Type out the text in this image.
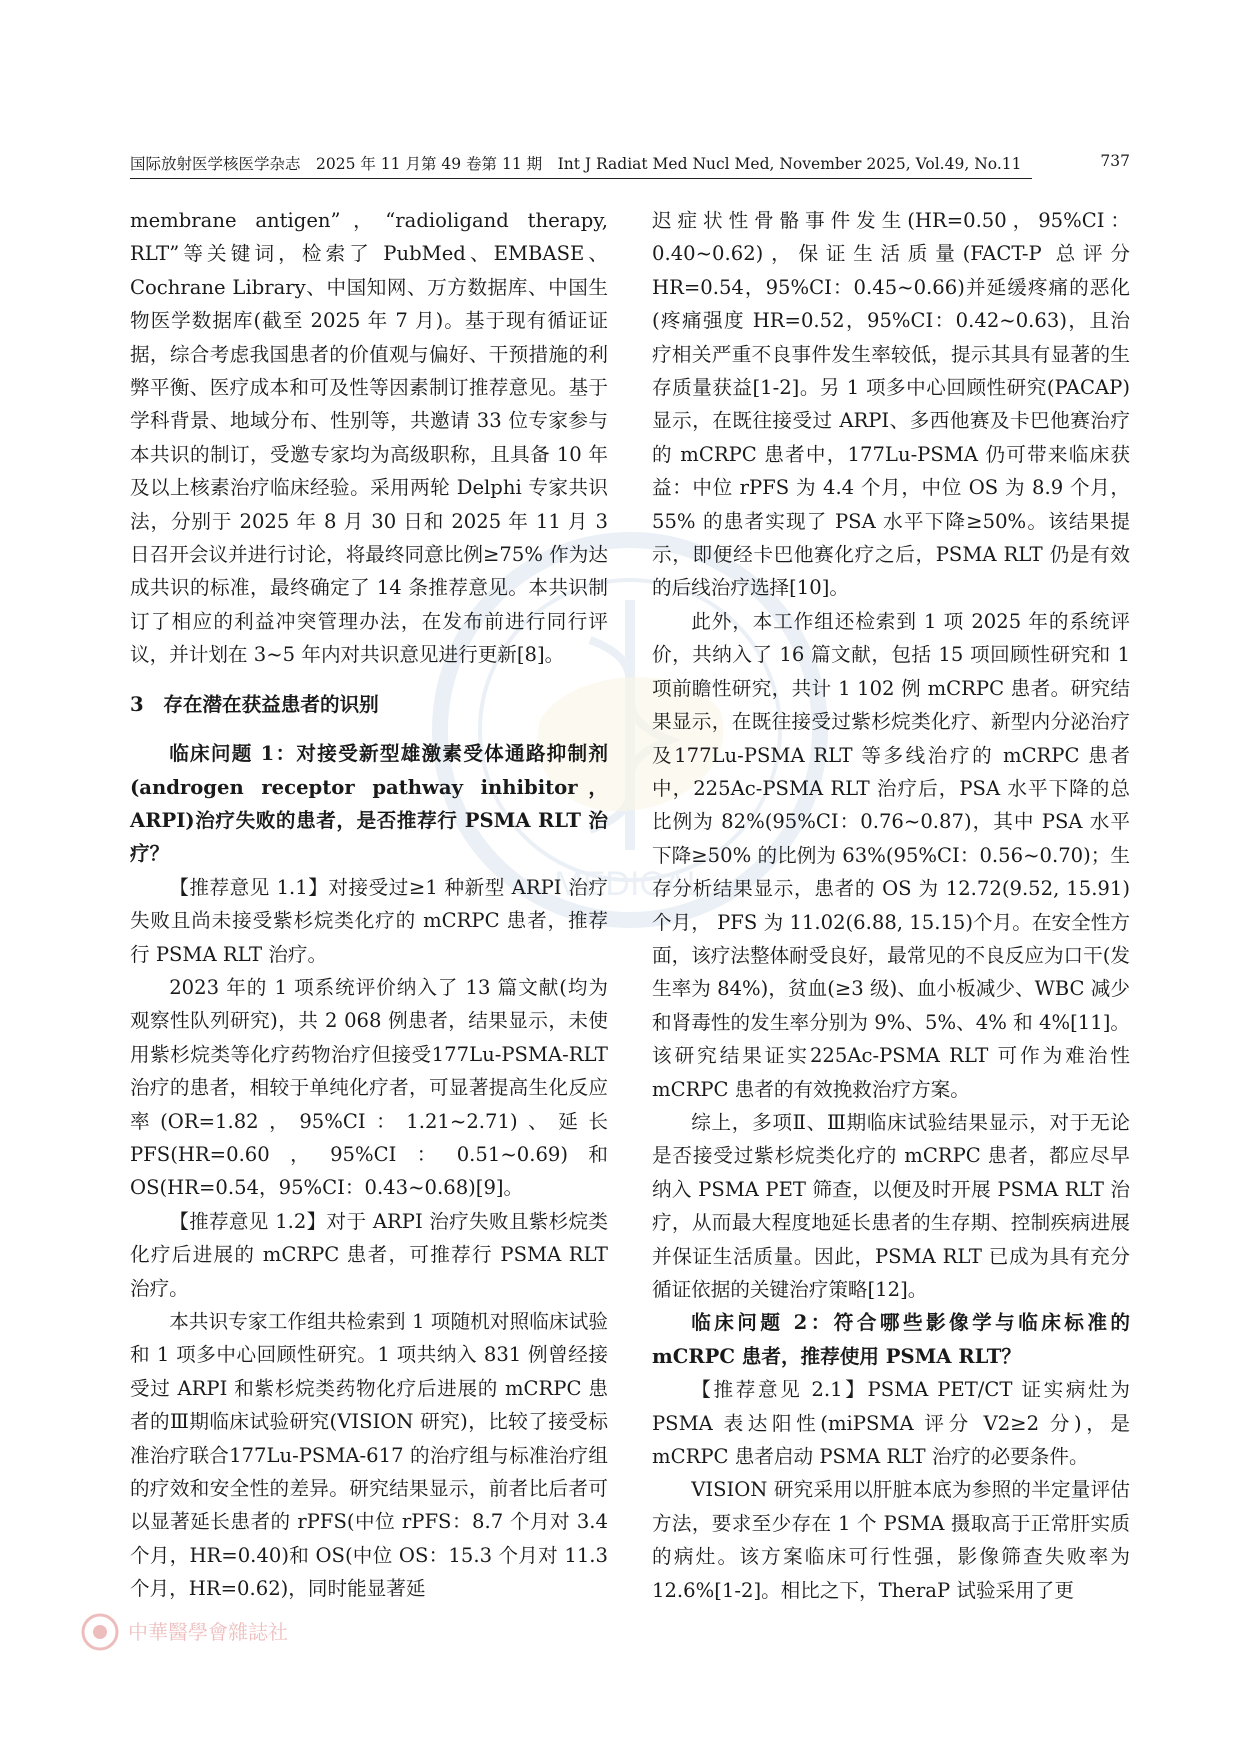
国际放射医学核医学杂志　2025 年 11 月第 49 卷第 11 期　Int J Radiat Med Nucl Med, November 2025, Vol.49, No.11	737
MEDICAL

membrane antigen”，“radioligand therapy, RLT”等关键词，检索了 PubMed、EMBASE、Cochrane Library、中国知网、万方数据库、中国生物医学数据库(截至 2025 年 7 月)。基于现有循证证据，综合考虑我国患者的价值观与偏好、干预措施的利弊平衡、医疗成本和可及性等因素制订推荐意见。基于学科背景、地域分布、性别等，共邀请 33 位专家参与本共识的制订，受邀专家均为高级职称，且具备 10 年及以上核素治疗临床经验。采用两轮 Delphi 专家共识法，分别于 2025 年 8 月 30 日和 2025 年 11 月 3 日召开会议并进行讨论，将最终同意比例≥75% 作为达成共识的标准，最终确定了 14 条推荐意见。本共识制订了相应的利益冲突管理办法，在发布前进行同行评议，并计划在 3~5 年内对共识意见进行更新[8]。

3　存在潜在获益患者的识别

临床问题 1：对接受新型雄激素受体通路抑制剂(androgen receptor pathway inhibitor，ARPI)治疗失败的患者，是否推荐行 PSMA RLT 治疗？

【推荐意见 1.1】对接受过≥1 种新型 ARPI 治疗失败且尚未接受紫杉烷类化疗的 mCRPC 患者，推荐行 PSMA RLT 治疗。

2023 年的 1 项系统评价纳入了 13 篇文献(均为观察性队列研究)，共 2 068 例患者，结果显示，未使用紫杉烷类等化疗药物治疗但接受177Lu-PSMA-RLT 治疗的患者，相较于单纯化疗者，可显著提高生化反应率(OR=1.82，95%CI：1.21~2.71)、延长 PFS(HR=0.60，95%CI：0.51~0.69)和 OS(HR=0.54，95%CI：0.43~0.68)[9]。

【推荐意见 1.2】对于 ARPI 治疗失败且紫杉烷类化疗后进展的 mCRPC 患者，可推荐行 PSMA RLT 治疗。

本共识专家工作组共检索到 1 项随机对照临床试验和 1 项多中心回顾性研究。1 项共纳入 831 例曾经接受过 ARPI 和紫杉烷类药物化疗后进展的 mCRPC 患者的Ⅲ期临床试验研究(VISION 研究)，比较了接受标准治疗联合177Lu-PSMA-617 的治疗组与标准治疗组的疗效和安全性的差异。研究结果显示，前者比后者可以显著延长患者的 rPFS(中位 rPFS：8.7 个月对 3.4 个月，HR=0.40)和 OS(中位 OS：15.3 个月对 11.3 个月，HR=0.62)，同时能显著延

迟症状性骨骼事件发生(HR=0.50，95%CI：0.40~0.62)，保证生活质量(FACT-P 总评分 HR=0.54，95%CI：0.45~0.66)并延缓疼痛的恶化(疼痛强度 HR=0.52，95%CI：0.42~0.63)，且治疗相关严重不良事件发生率较低，提示其具有显著的生存质量获益[1-2]。另 1 项多中心回顾性研究(PACAP)显示，在既往接受过 ARPI、多西他赛及卡巴他赛治疗的 mCRPC 患者中，177Lu-PSMA 仍可带来临床获益：中位 rPFS 为 4.4 个月，中位 OS 为 8.9 个月，55% 的患者实现了 PSA 水平下降≥50%。该结果提示，即便经卡巴他赛化疗之后，PSMA RLT 仍是有效的后线治疗选择[10]。

此外，本工作组还检索到 1 项 2025 年的系统评价，共纳入了 16 篇文献，包括 15 项回顾性研究和 1 项前瞻性研究，共计 1 102 例 mCRPC 患者。研究结果显示，在既往接受过紫杉烷类化疗、新型内分泌治疗及177Lu-PSMA RLT 等多线治疗的 mCRPC 患者中，225Ac-PSMA RLT 治疗后，PSA 水平下降的总比例为 82%(95%CI：0.76~0.87)，其中 PSA 水平下降≥50% 的比例为 63%(95%CI：0.56~0.70)；生存分析结果显示，患者的 OS 为 12.72(9.52, 15.91)个月， PFS 为 11.02(6.88, 15.15)个月。在安全性方面，该疗法整体耐受良好，最常见的不良反应为口干(发生率为 84%)，贫血(≥3 级)、血小板减少、WBC 减少和肾毒性的发生率分别为 9%、5%、4% 和 4%[11]。该研究结果证实225Ac-PSMA RLT 可作为难治性 mCRPC 患者的有效挽救治疗方案。

综上，多项Ⅱ、Ⅲ期临床试验结果显示，对于无论是否接受过紫杉烷类化疗的 mCRPC 患者，都应尽早纳入 PSMA PET 筛查，以便及时开展 PSMA RLT 治疗，从而最大程度地延长患者的生存期、控制疾病进展并保证生活质量。因此，PSMA RLT 已成为具有充分循证依据的关键治疗策略[12]。

临床问题 2：符合哪些影像学与临床标准的 mCRPC 患者，推荐使用 PSMA RLT？

【推荐意见 2.1】PSMA PET/CT 证实病灶为 PSMA 表达阳性(miPSMA 评分 V2≥2 分)，是 mCRPC 患者启动 PSMA RLT 治疗的必要条件。

VISION 研究采用以肝脏本底为参照的半定量评估方法，要求至少存在 1 个 PSMA 摄取高于正常肝实质的病灶。该方案临床可行性强，影像筛查失败率为 12.6%[1-2]。相比之下，TheraP 试验采用了更

中華醫學會雜誌社
